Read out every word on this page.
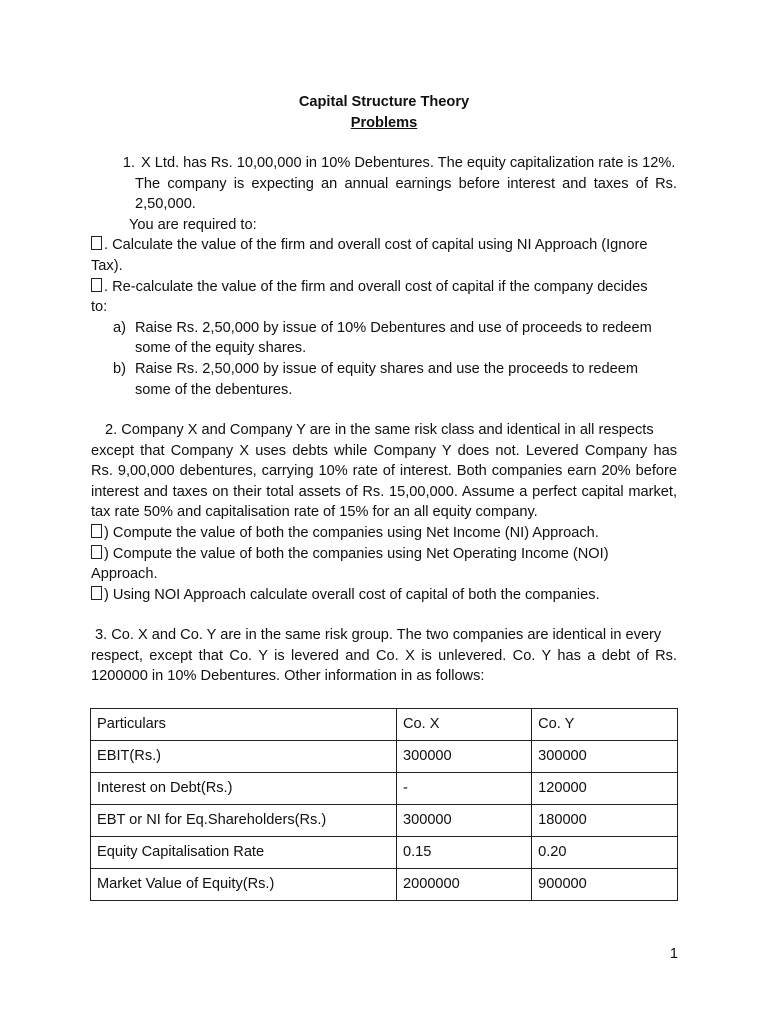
Capital Structure Theory
Problems
1. X Ltd. has Rs. 10,00,000 in 10% Debentures. The equity capitalization rate is 12%.
The company is expecting an annual earnings before interest and taxes of Rs.
2,50,000.
You are required to:
. Calculate the value of the firm and overall cost of capital using NI Approach (Ignore
Tax).
. Re-calculate the value of the firm and overall cost of capital if the company decides
to:
a) Raise Rs. 2,50,000 by issue of 10% Debentures and use of proceeds to redeem
some of the equity shares.
b) Raise Rs. 2,50,000 by issue of equity shares and use the proceeds to redeem
some of the debentures.
2. Company X and Company Y are in the same risk class and identical in all respects
except that Company X uses debts while Company Y does not. Levered Company has
Rs. 9,00,000 debentures, carrying 10% rate of interest. Both companies earn 20% before
interest and taxes on their total assets of Rs. 15,00,000. Assume a perfect capital market,
tax rate 50% and capitalisation rate of 15% for an all equity company.
) Compute the value of both the companies using Net Income (NI) Approach.
) Compute the value of both the companies using Net Operating Income (NOI)
Approach.
) Using NOI Approach calculate overall cost of capital of both the companies.
3. Co. X and Co. Y are in the same risk group. The two companies are identical in every
respect, except that Co. Y is levered and Co. X is unlevered. Co. Y has a debt of Rs.
1200000 in 10% Debentures. Other information in as follows:
Particulars	Co. X	Co. Y
EBIT(Rs.)	300000	300000
Interest on Debt(Rs.)	-	120000
EBT or NI for Eq.Shareholders(Rs.)	300000	180000
Equity Capitalisation Rate	0.15	0.20
Market Value of Equity(Rs.)	2000000	900000
1
